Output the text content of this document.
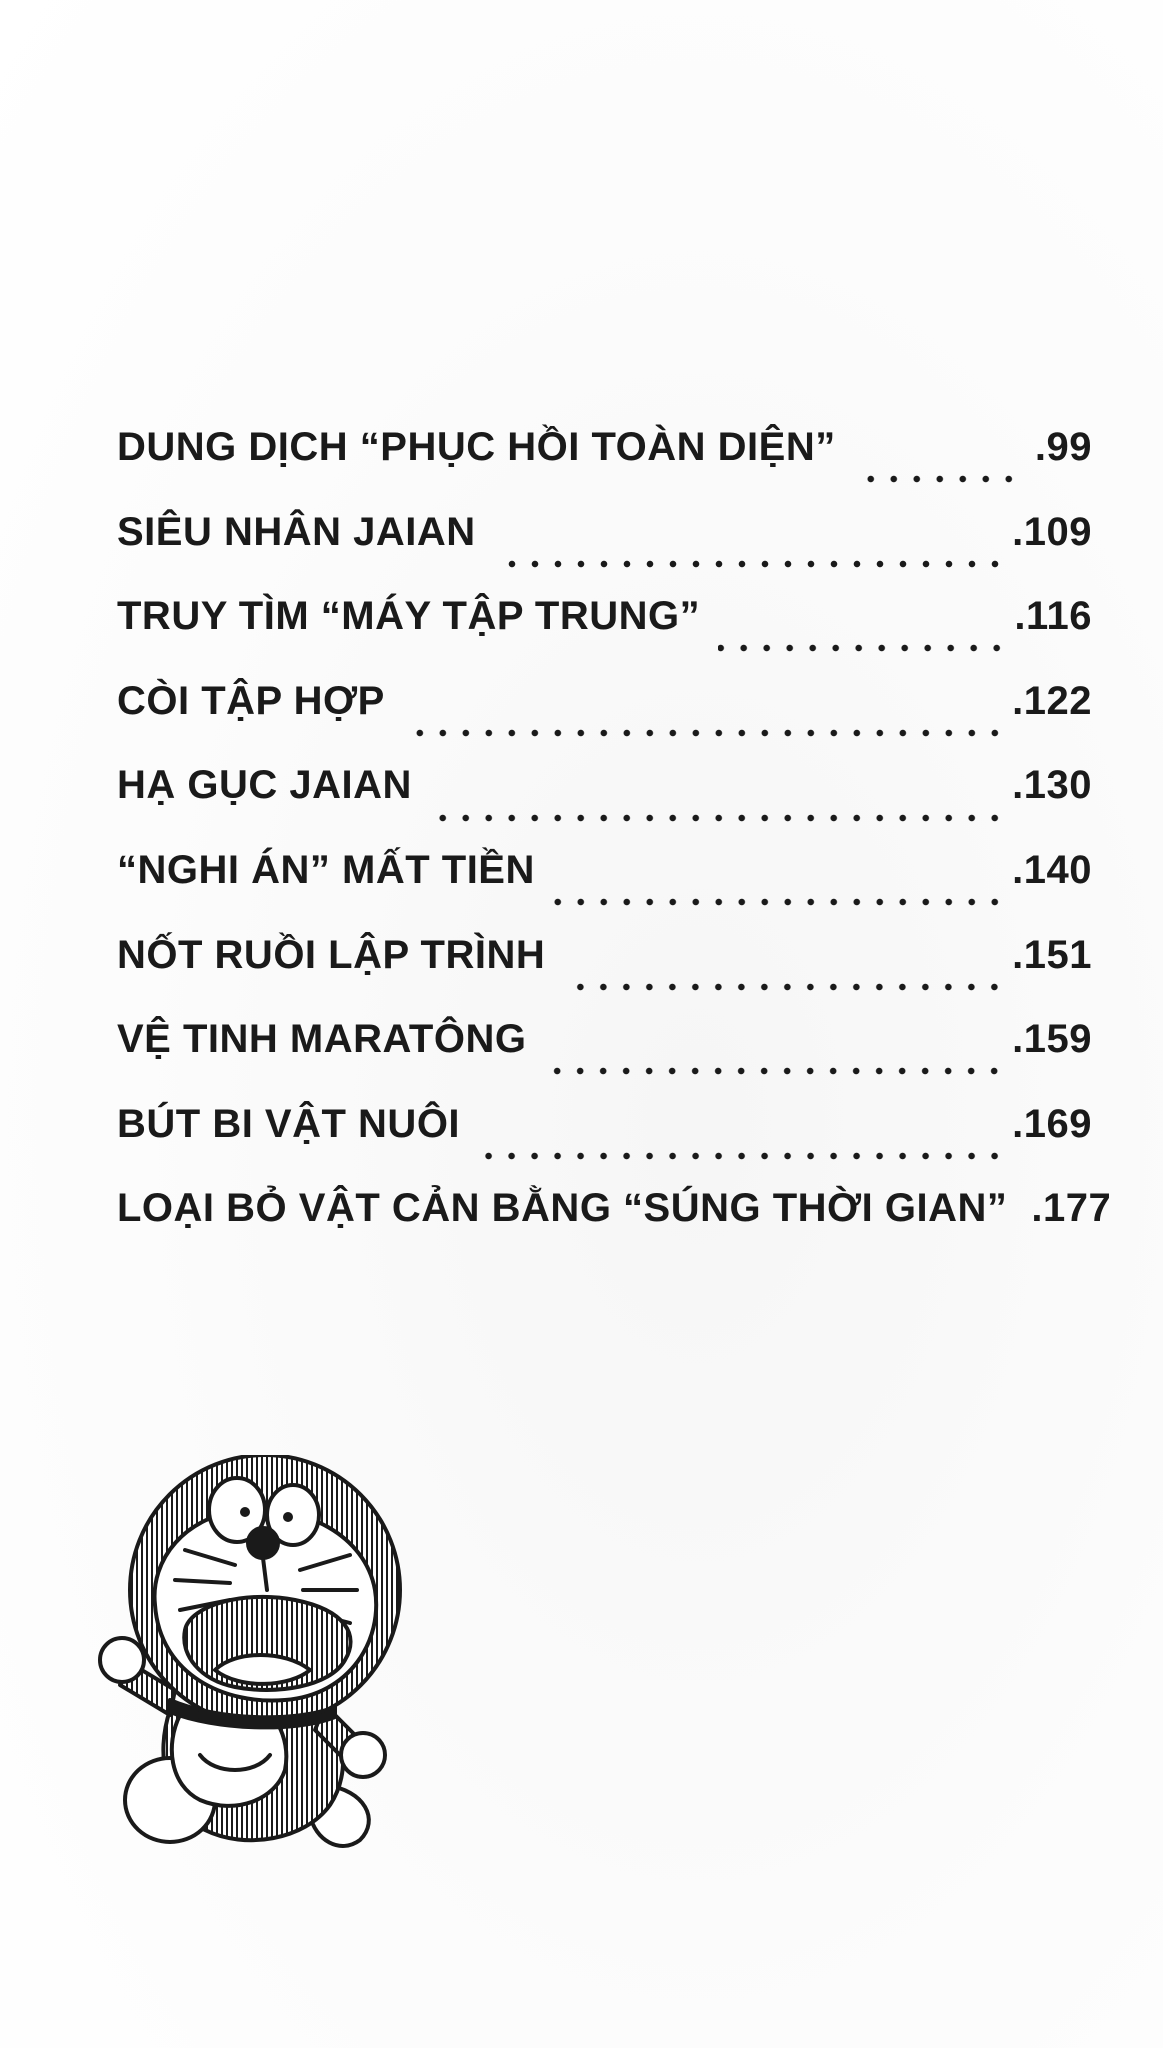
DUNG DỊCH “PHỤC HỒI TOÀN DIỆN”	.99
SIÊU NHÂN JAIAN	.109
TRUY TÌM “MÁY TẬP TRUNG”	.116
CÒI TẬP HỢP	.122
HẠ GỤC JAIAN	.130
“NGHI ÁN” MẤT TIỀN	.140
NỐT RUỒI LẬP TRÌNH	.151
VỆ TINH MARATÔNG	.159
BÚT BI VẬT NUÔI	.169
LOẠI BỎ VẬT CẢN BẰNG “SÚNG THỜI GIAN” .177
